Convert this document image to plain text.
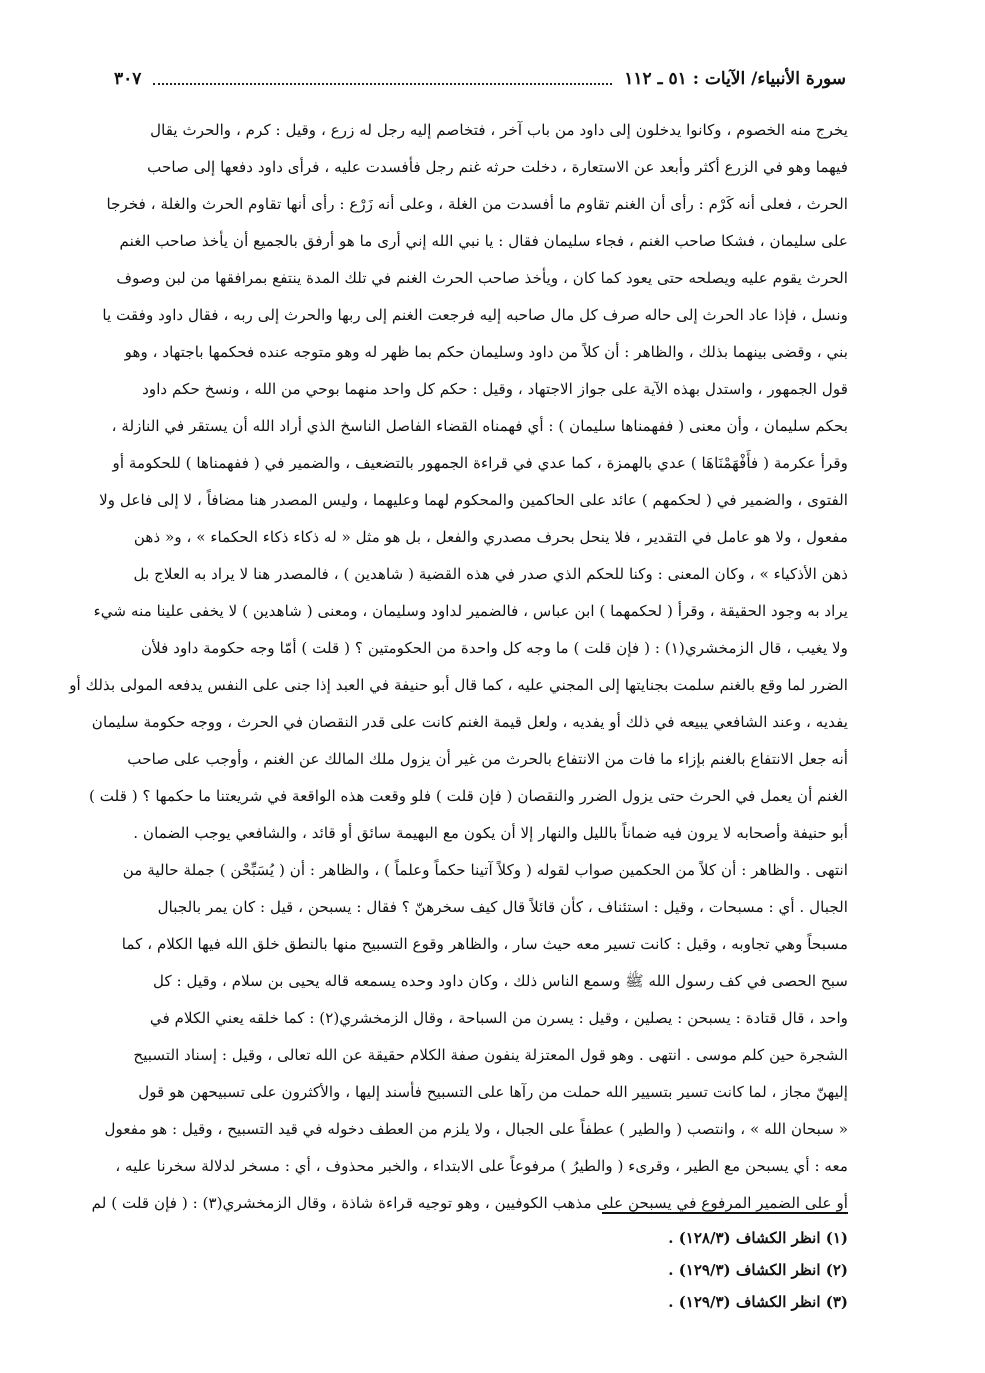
سورة الأنبياء/ الآيات : ٥١ ـ ١١٢
٣٠٧
يخرج منه الخصوم ، وكانوا يدخلون إلى داود من باب آخر ، فتخاصم إليه رجل له زرع ، وقيل : كرم ، والحرث يقال
فيهما وهو في الزرع أكثر وأبعد عن الاستعارة ، دخلت حرثه غنم رجل فأفسدت عليه ، فرأى داود دفعها إلى صاحب
الحرث ، فعلى أنه كَرْم : رأى أن الغنم تقاوم ما أفسدت من الغلة ، وعلى أنه زَرْع : رأى أنها تقاوم الحرث والغلة ، فخرجا
على سليمان ، فشكا صاحب الغنم ، فجاء سليمان فقال : يا نبي الله إني أرى ما هو أرفق بالجميع أن يأخذ صاحب الغنم
الحرث يقوم عليه ويصلحه حتى يعود كما كان ، ويأخذ صاحب الحرث الغنم في تلك المدة ينتفع بمرافقها من لبن وصوف
ونسل ، فإذا عاد الحرث إلى حاله صرف كل مال صاحبه إليه فرجعت الغنم إلى ربها والحرث إلى ربه ، فقال داود وفقت يا
بني ، وقضى بينهما بذلك ، والظاهر : أن كلاً من داود وسليمان حكم بما ظهر له وهو متوجه عنده فحكمها باجتهاد ، وهو
قول الجمهور ، واستدل بهذه الآية على جواز الاجتهاد ، وقيل : حكم كل واحد منهما بوحي من الله ، ونسخ حكم داود
بحكم سليمان ، وأن معنى ( ففهمناها سليمان ) : أي فهمناه القضاء الفاصل الناسخ الذي أراد الله أن يستقر في النازلة ،
وقرأ عكرمة ( فأَفْهَمْنَاهَا ) عدي بالهمزة ، كما عدي في قراءة الجمهور بالتضعيف ، والضمير في ( ففهمناها ) للحكومة أو
الفتوى ، والضمير في ( لحكمهم ) عائد على الحاكمين والمحكوم لهما وعليهما ، وليس المصدر هنا مضافاً ، لا إلى فاعل ولا
مفعول ، ولا هو عامل في التقدير ، فلا ينحل بحرف مصدري والفعل ، بل هو مثل « له ذكاء ذكاء الحكماء » ، و« ذهن
ذهن الأذكياء » ، وكان المعنى : وكنا للحكم الذي صدر في هذه القضية ( شاهدين ) ، فالمصدر هنا لا يراد به العلاج بل
يراد به وجود الحقيقة ، وقرأ ( لحكمهما ) ابن عباس ، فالضمير لداود وسليمان ، ومعنى ( شاهدين ) لا يخفى علينا منه شيء
ولا يغيب ، قال الزمخشري(١) : ( فإن قلت ) ما وجه كل واحدة من الحكومتين ؟ ( قلت ) أمّا وجه حكومة داود فلأن
الضرر لما وقع بالغنم سلمت بجنايتها إلى المجني عليه ، كما قال أبو حنيفة في العبد إذا جنى على النفس يدفعه المولى بذلك أو
يفديه ، وعند الشافعي يبيعه في ذلك أو يفديه ، ولعل قيمة الغنم كانت على قدر النقصان في الحرث ، ووجه حكومة سليمان
أنه جعل الانتفاع بالغنم بإزاء ما فات من الانتفاع بالحرث من غير أن يزول ملك المالك عن الغنم ، وأوجب على صاحب
الغنم أن يعمل في الحرث حتى يزول الضرر والنقصان ( فإن قلت ) فلو وقعت هذه الواقعة في شريعتنا ما حكمها ؟ ( قلت )
أبو حنيفة وأصحابه لا يرون فيه ضماناً بالليل والنهار إلا أن يكون مع البهيمة سائق أو قائد ، والشافعي يوجب الضمان .
انتهى . والظاهر : أن كلاً من الحكمين صواب لقوله ( وكلاً آتينا حكماً وعلماً ) ، والظاهر : أن ( يُسَبِّحْن ) جملة حالية من
الجبال . أي : مسبحات ، وقيل : استئناف ، كأن قائلاً قال كيف سخرهنّ ؟ فقال : يسبحن ، قيل : كان يمر بالجبال
مسبحاً وهي تجاوبه ، وقيل : كانت تسير معه حيث سار ، والظاهر وقوع التسبيح منها بالنطق خلق الله فيها الكلام ، كما
سبح الحصى في كف رسول الله ﷺ وسمع الناس ذلك ، وكان داود وحده يسمعه قاله يحيى بن سلام ، وقيل : كل
واحد ، قال قتادة : يسبحن : يصلين ، وقيل : يسرن من السباحة ، وقال الزمخشري(٢) : كما خلقه يعني الكلام في
الشجرة حين كلم موسى . انتهى . وهو قول المعتزلة ينفون صفة الكلام حقيقة عن الله تعالى ، وقيل : إسناد التسبيح
إليهنّ مجاز ، لما كانت تسير بتسيير الله حملت من رآها على التسبيح فأسند إليها ، والأكثرون على تسبيحهن هو قول
« سبحان الله » ، وانتصب ( والطير ) عطفاً على الجبال ، ولا يلزم من العطف دخوله في قيد التسبيح ، وقيل : هو مفعول
معه : أي يسبحن مع الطير ، وقرىء ( والطيرُ ) مرفوعاً على الابتداء ، والخبر محذوف ، أي : مسخر لدلالة سخرنا عليه ،
أو على الضمير المرفوع في يسبحن على مذهب الكوفيين ، وهو توجيه قراءة شاذة ، وقال الزمخشري(٣) : ( فإن قلت ) لم
(١) انظر الكشاف (١٢٨/٣) .
(٢) انظر الكشاف (١٢٩/٣) .
(٣) انظر الكشاف (١٢٩/٣) .
